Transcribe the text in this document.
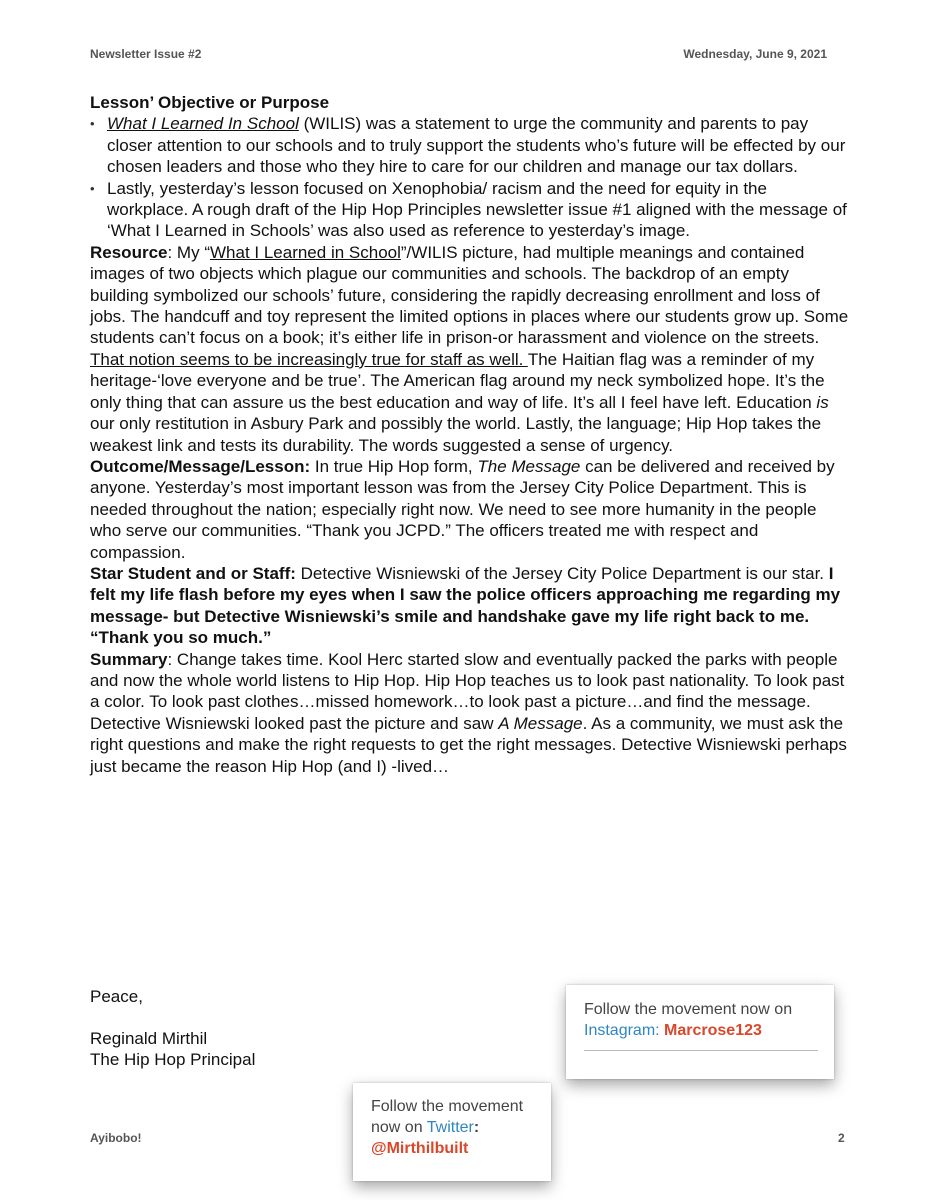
Newsletter Issue #2	Wednesday, June 9, 2021

Lesson’ Objective or Purpose

• What I Learned In School (WILIS) was a statement to urge the community and parents to pay closer attention to our schools and to truly support the students who’s future will be effected by our chosen leaders and those who they hire to care for our children and manage our tax dollars.
• Lastly, yesterday’s lesson focused on Xenophobia/ racism and the need for equity in the workplace. A rough draft of the Hip Hop Principles newsletter issue #1 aligned with the message of ‘What I Learned in Schools’ was also used as reference to yesterday’s image.

Resource: My “What I Learned in School”/WILIS picture, had multiple meanings and contained images of two objects which plague our communities and schools. The backdrop of an empty building symbolized our schools’ future, considering the rapidly decreasing enrollment and loss of jobs. The handcuff and toy represent the limited options in places where our students grow up. Some students can’t focus on a book; it’s either life in prison-or harassment and violence on the streets. That notion seems to be increasingly true for staff as well. The Haitian flag was a reminder of my heritage-‘love everyone and be true’. The American flag around my neck symbolized hope. It’s the only thing that can assure us the best education and way of life. It’s all I feel have left. Education is our only restitution in Asbury Park and possibly the world. Lastly, the language; Hip Hop takes the weakest link and tests its durability. The words suggested a sense of urgency.

Outcome/Message/Lesson: In true Hip Hop form, The Message can be delivered and received by anyone. Yesterday’s most important lesson was from the Jersey City Police Department. This is needed throughout the nation; especially right now. We need to see more humanity in the people who serve our communities. “Thank you JCPD.” The officers treated me with respect and compassion.

Star Student and or Staff: Detective Wisniewski of the Jersey City Police Department is our star. I felt my life flash before my eyes when I saw the police officers approaching me regarding my message- but Detective Wisniewski’s smile and handshake gave my life right back to me. “Thank you so much.”

Summary: Change takes time. Kool Herc started slow and eventually packed the parks with people and now the whole world listens to Hip Hop. Hip Hop teaches us to look past nationality. To look past a color. To look past clothes…missed homework…to look past a picture…and find the message. Detective Wisniewski looked past the picture and saw A Message. As a community, we must ask the right questions and make the right requests to get the right messages. Detective Wisniewski perhaps just became the reason Hip Hop (and I) -lived…

Peace,
Reginald Mirthil
The Hip Hop Principal
Follow the movement now on
Instagram: Marcrose123
Follow the movement
now on Twitter:
@Mirthilbuilt
Ayibobo!	2
